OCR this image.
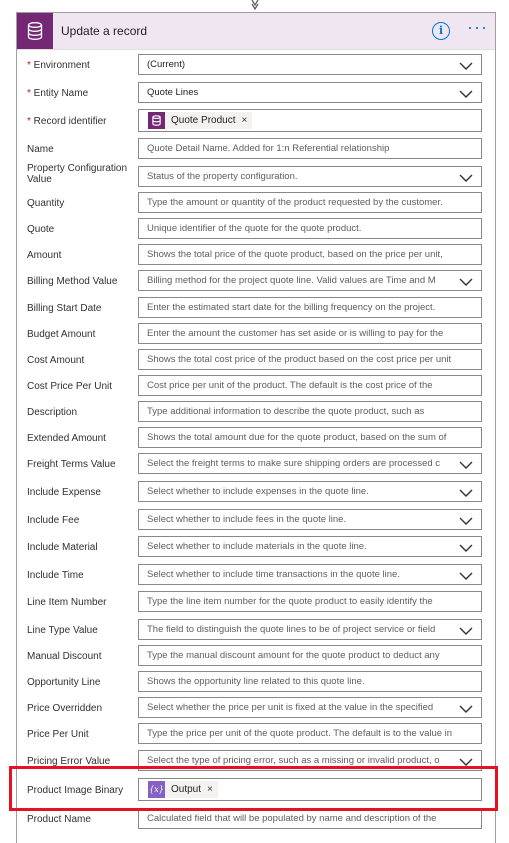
Update a record	i	···
* Environment	(Current)
* Entity Name	Quote Lines
* Record identifier	Quote Product ×
Name	Quote Detail Name. Added for 1:n Referential relationship
Property Configuration Value	Status of the property configuration.
Quantity	Type the amount or quantity of the product requested by the customer.
Quote	Unique identifier of the quote for the quote product.
Amount	Shows the total price of the quote product, based on the price per unit,
Billing Method Value	Billing method for the project quote line. Valid values are Time and M
Billing Start Date	Enter the estimated start date for the billing frequency on the project.
Budget Amount	Enter the amount the customer has set aside or is willing to pay for the
Cost Amount	Shows the total cost price of the product based on the cost price per unit
Cost Price Per Unit	Cost price per unit of the product. The default is the cost price of the
Description	Type additional information to describe the quote product, such as
Extended Amount	Shows the total amount due for the quote product, based on the sum of
Freight Terms Value	Select the freight terms to make sure shipping orders are processed c
Include Expense	Select whether to include expenses in the quote line.
Include Fee	Select whether to include fees in the quote line.
Include Material	Select whether to include materials in the quote line.
Include Time	Select whether to include time transactions in the quote line.
Line Item Number	Type the line item number for the quote product to easily identify the
Line Type Value	The field to distinguish the quote lines to be of project service or field
Manual Discount	Type the manual discount amount for the quote product to deduct any
Opportunity Line	Shows the opportunity line related to this quote line.
Price Overridden	Select whether the price per unit is fixed at the value in the specified
Price Per Unit	Type the price per unit of the quote product. The default is to the value in
Pricing Error Value	Select the type of pricing error, such as a missing or invalid product, o
Product Image Binary	{x} Output ×
Product Name	Calculated field that will be populated by name and description of the
